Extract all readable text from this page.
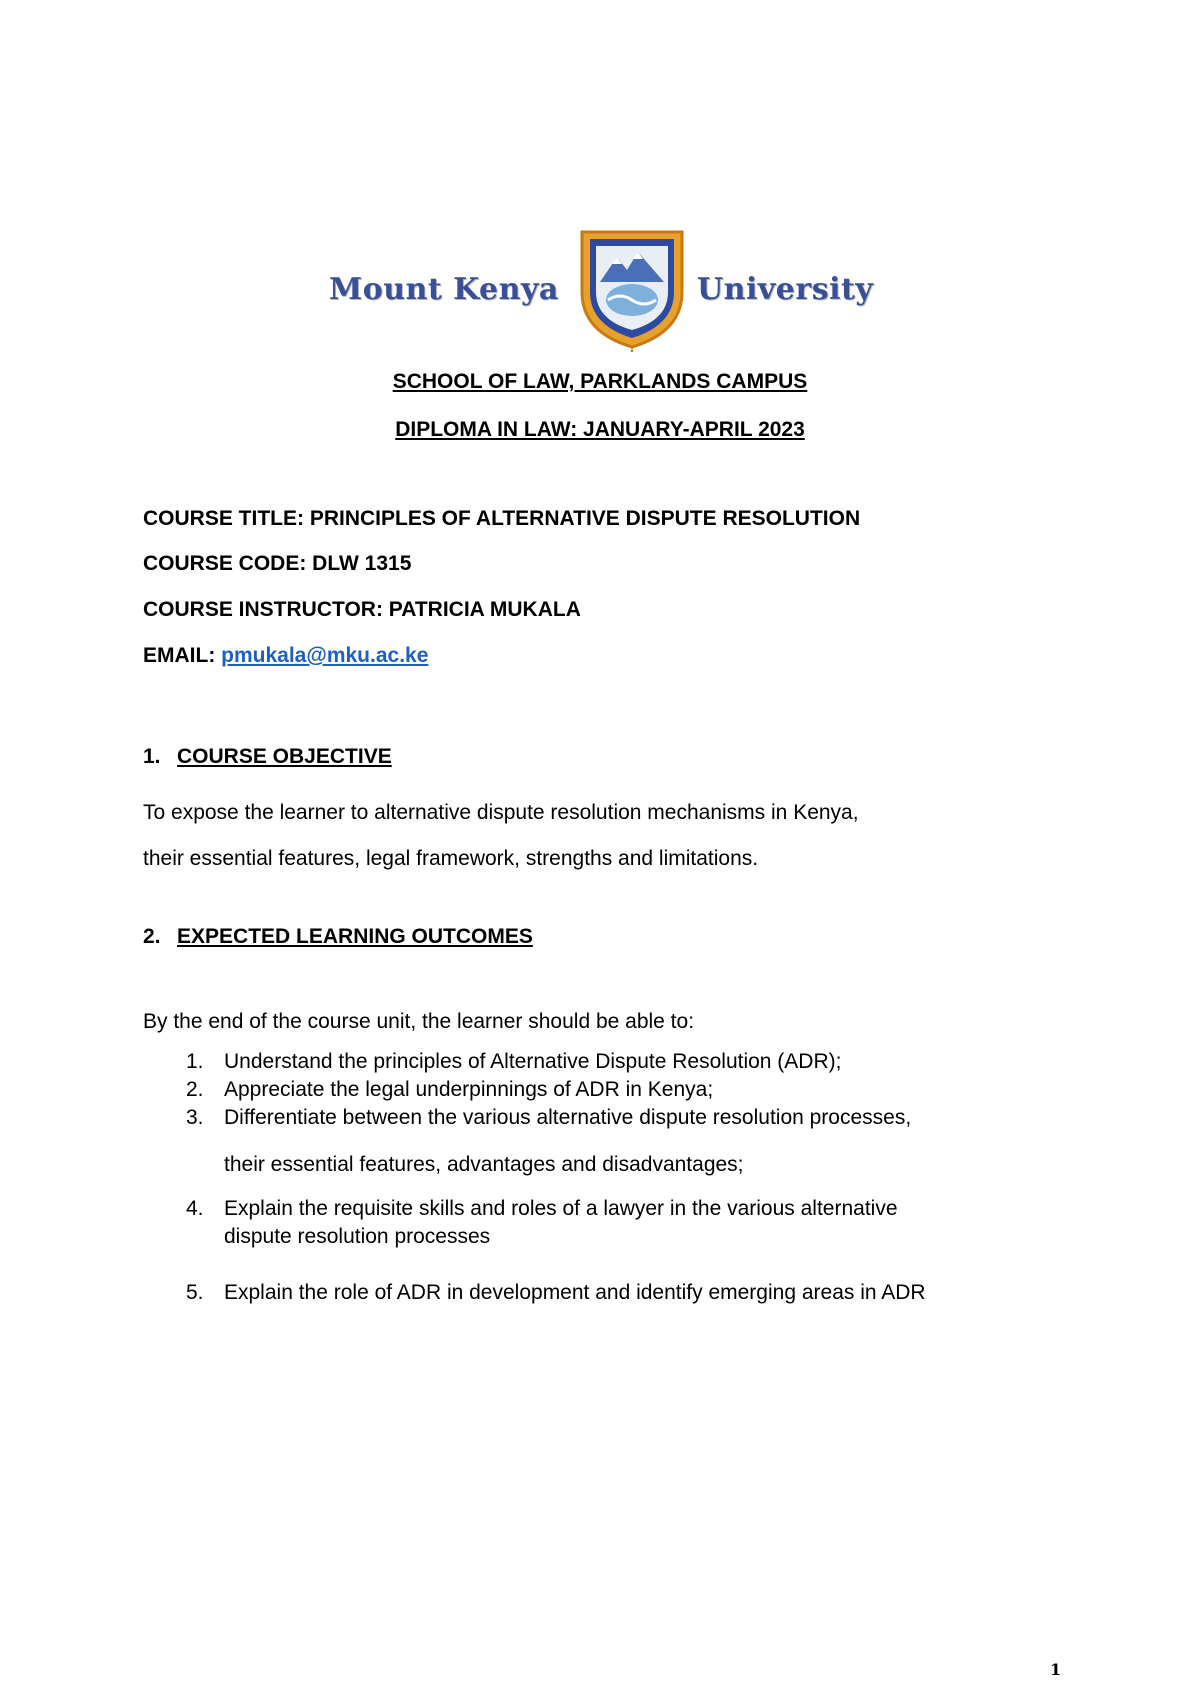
Mount Kenya	University
SCHOOL OF LAW, PARKLANDS CAMPUS
DIPLOMA IN LAW: JANUARY-APRIL 2023
COURSE TITLE: PRINCIPLES OF ALTERNATIVE DISPUTE RESOLUTION
COURSE CODE: DLW 1315
COURSE INSTRUCTOR: PATRICIA MUKALA
EMAIL: pmukala@mku.ac.ke
1. COURSE OBJECTIVE
To expose the learner to alternative dispute resolution mechanisms in Kenya,
their essential features, legal framework, strengths and limitations.
2. EXPECTED LEARNING OUTCOMES
By the end of the course unit, the learner should be able to:
1. Understand the principles of Alternative Dispute Resolution (ADR);
2. Appreciate the legal underpinnings of ADR in Kenya;
3. Differentiate between the various alternative dispute resolution processes,
their essential features, advantages and disadvantages;
4. Explain the requisite skills and roles of a lawyer in the various alternative
dispute resolution processes
5. Explain the role of ADR in development and identify emerging areas in ADR
1
